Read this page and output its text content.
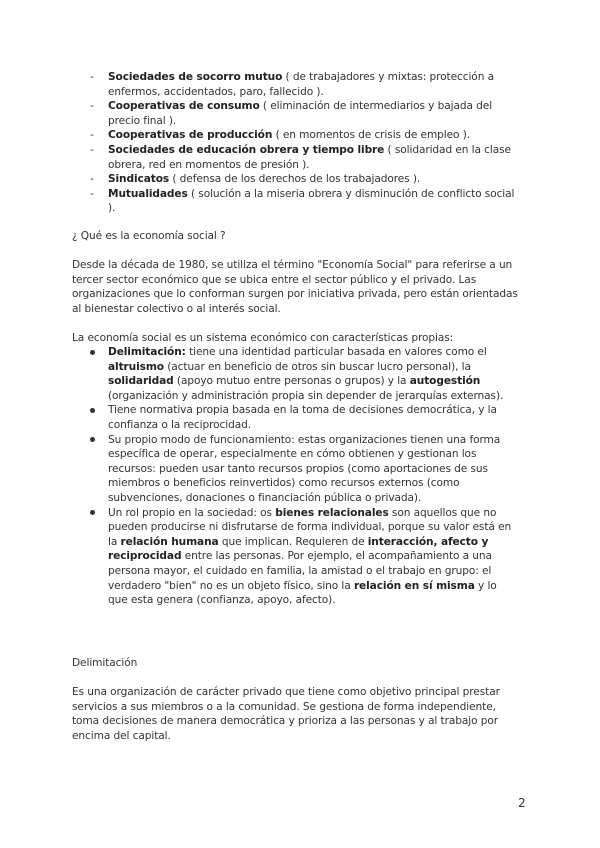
- Sociedades de socorro mutuo ( de trabajadores y mixtas: protección a enfermos, accidentados, paro, fallecido ).
- Cooperativas de consumo ( eliminación de intermediarios y bajada del precio final ).
- Cooperativas de producción ( en momentos de crisis de empleo ).
- Sociedades de educación obrera y tiempo libre ( solidaridad en la clase obrera, red en momentos de presión ).
- Sindicatos ( defensa de los derechos de los trabajadores ).
- Mutualidades ( solución a la miseria obrera y disminución de conflicto social ).

¿ Qué es la economía social ?

Desde la década de 1980, se utiliza el término "Economía Social" para referirse a un tercer sector económico que se ubica entre el sector público y el privado. Las organizaciones que lo conforman surgen por iniciativa privada, pero están orientadas al bienestar colectivo o al interés social.

La economía social es un sistema económico con características propias:

Delimitación: tiene una identidad particular basada en valores como el altruismo (actuar en beneficio de otros sin buscar lucro personal), la solidaridad (apoyo mutuo entre personas o grupos) y la autogestión (organización y administración propia sin depender de jerarquías externas).
Tiene normativa propia basada en la toma de decisiones democrática, y la confianza o la reciprocidad.
Su propio modo de funcionamiento: estas organizaciones tienen una forma específica de operar, especialmente en cómo obtienen y gestionan los recursos: pueden usar tanto recursos propios (como aportaciones de sus miembros o beneficios reinvertidos) como recursos externos (como subvenciones, donaciones o financiación pública o privada).
Un rol propio en la sociedad: os bienes relacionales son aquellos que no pueden producirse ni disfrutarse de forma individual, porque su valor está en la relación humana que implican. Requieren de interacción, afecto y reciprocidad entre las personas. Por ejemplo, el acompañamiento a una persona mayor, el cuidado en familia, la amistad o el trabajo en grupo: el verdadero "bien" no es un objeto físico, sino la relación en sí misma y lo que esta genera (confianza, apoyo, afecto).

Delimitación

Es una organización de carácter privado que tiene como objetivo principal prestar servicios a sus miembros o a la comunidad. Se gestiona de forma independiente, toma decisiones de manera democrática y prioriza a las personas y al trabajo por encima del capital.

2
